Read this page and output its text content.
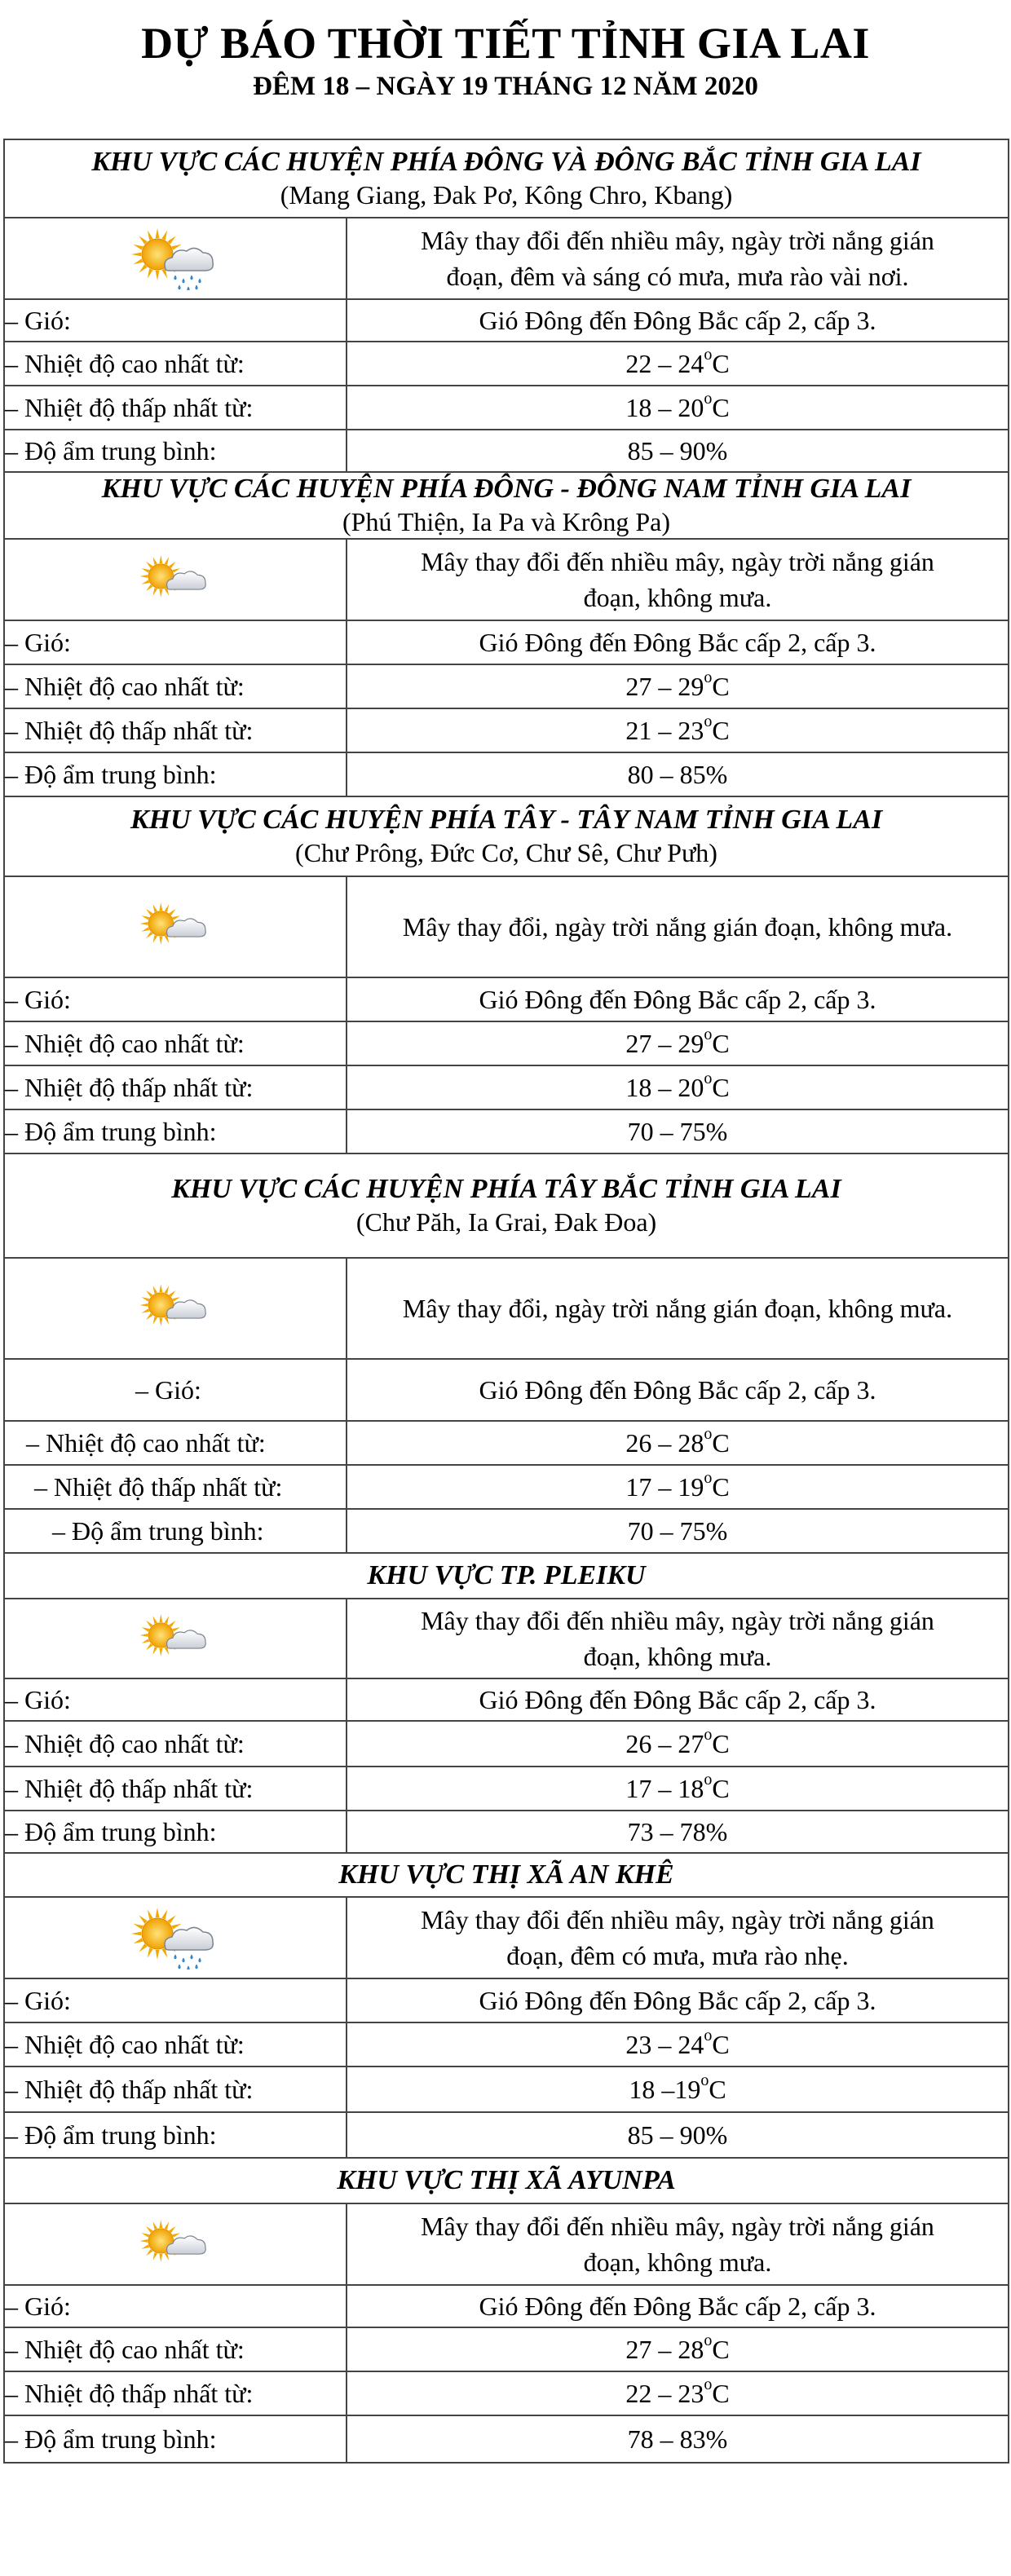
DỰ BÁO THỜI TIẾT TỈNH GIA LAI
ĐÊM 18 – NGÀY 19 THÁNG 12 NĂM 2020
KHU VỰC CÁC HUYỆN PHÍA ĐÔNG VÀ ĐÔNG BẮC TỈNH GIA LAI
(Mang Giang, Đak Pơ, Kông Chro, Kbang)	

Mây thay đổi đến nhiều mây, ngày trời nắng gián
đoạn, đêm và sáng có mưa, mưa rào vài nơi.

– Gió:	Gió Đông đến Đông Bắc cấp 2, cấp 3.
– Nhiệt độ cao nhất từ:	22 – 24$^o$C
– Nhiệt độ thấp nhất từ:	18 – 20$^o$C
– Độ ẩm trung bình:	85 – 90%

KHU VỰC CÁC HUYỆN PHÍA ĐÔNG - ĐÔNG NAM TỈNH GIA LAI
(Phú Thiện, Ia Pa và Krông Pa)	

Mây thay đổi đến nhiều mây, ngày trời nắng gián
đoạn, không mưa.

– Gió:	Gió Đông đến Đông Bắc cấp 2, cấp 3.
– Nhiệt độ cao nhất từ:	27 – 29$^o$C
– Nhiệt độ thấp nhất từ:	21 – 23$^o$C
– Độ ẩm trung bình:	80 – 85%

KHU VỰC CÁC HUYỆN PHÍA TÂY - TÂY NAM TỈNH GIA LAI
(Chư Prông, Đức Cơ, Chư Sê, Chư Pưh)	

Mây thay đổi, ngày trời nắng gián đoạn, không mưa.

– Gió:	Gió Đông đến Đông Bắc cấp 2, cấp 3.
– Nhiệt độ cao nhất từ:	27 – 29$^o$C
– Nhiệt độ thấp nhất từ:	18 – 20$^o$C
– Độ ẩm trung bình:	70 – 75%

KHU VỰC CÁC HUYỆN PHÍA TÂY BẮC TỈNH GIA LAI
(Chư Păh, Ia Grai, Đak Đoa)	

Mây thay đổi, ngày trời nắng gián đoạn, không mưa.

– Gió:	Gió Đông đến Đông Bắc cấp 2, cấp 3.
– Nhiệt độ cao nhất từ:	26 – 28$^o$C
– Nhiệt độ thấp nhất từ:	17 – 19$^o$C
– Độ ẩm trung bình:	70 – 75%

KHU VỰC TP. PLEIKU	

Mây thay đổi đến nhiều mây, ngày trời nắng gián
đoạn, không mưa.

– Gió:	Gió Đông đến Đông Bắc cấp 2, cấp 3.
– Nhiệt độ cao nhất từ:	26 – 27$^o$C
– Nhiệt độ thấp nhất từ:	17 – 18$^o$C
– Độ ẩm trung bình:	73 – 78%

KHU VỰC THỊ XÃ AN KHÊ	

Mây thay đổi đến nhiều mây, ngày trời nắng gián
đoạn, đêm có mưa, mưa rào nhẹ.

– Gió:	Gió Đông đến Đông Bắc cấp 2, cấp 3.
– Nhiệt độ cao nhất từ:	23 – 24$^o$C
– Nhiệt độ thấp nhất từ:	18 –19$^o$C
– Độ ẩm trung bình:	85 – 90%

KHU VỰC THỊ XÃ AYUNPA	

Mây thay đổi đến nhiều mây, ngày trời nắng gián
đoạn, không mưa.

– Gió:	Gió Đông đến Đông Bắc cấp 2, cấp 3.
– Nhiệt độ cao nhất từ:	27 – 28$^o$C
– Nhiệt độ thấp nhất từ:	22 – 23$^o$C
– Độ ẩm trung bình:	78 – 83%
